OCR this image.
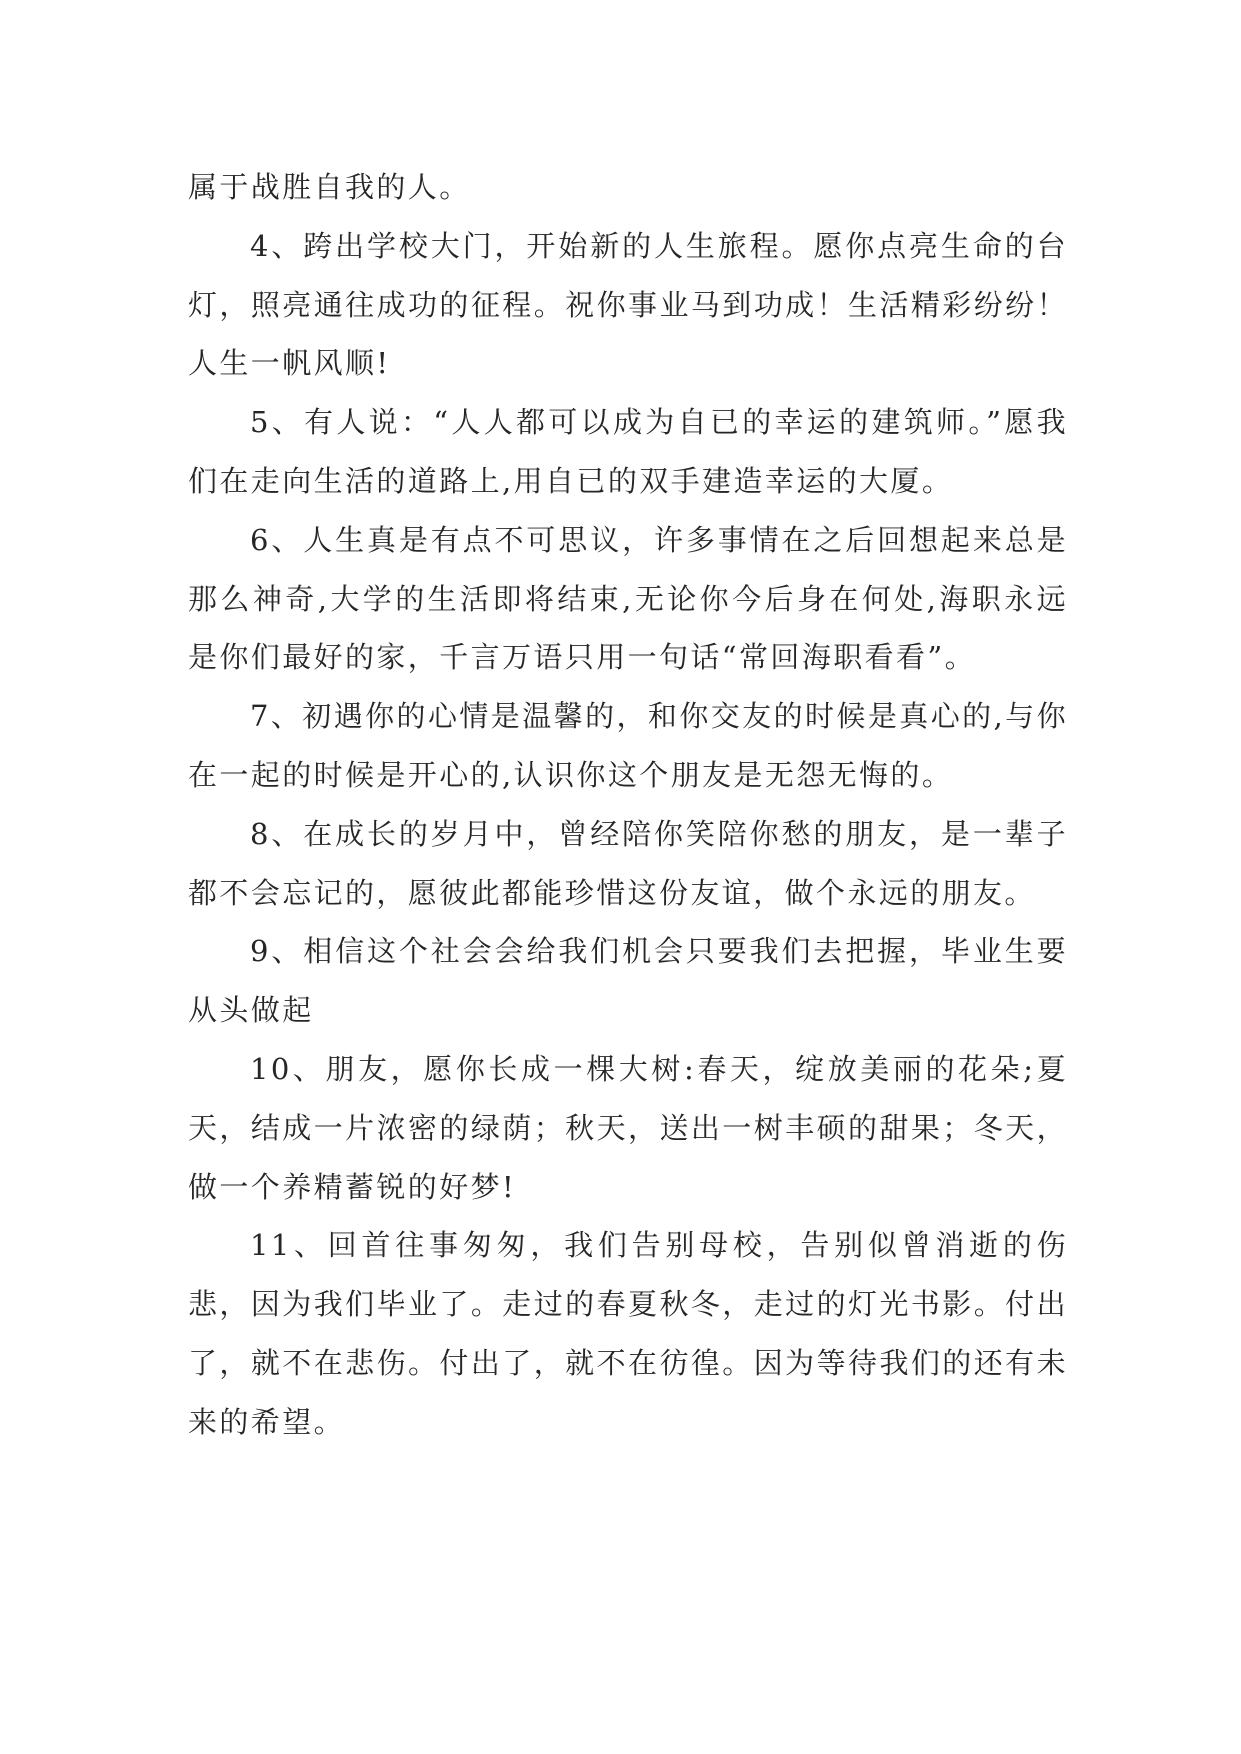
属于战胜自我的人。

4、跨出学校大门，开始新的人生旅程。愿你点亮生命的台灯，照亮通往成功的征程。祝你事业马到功成！生活精彩纷纷！人生一帆风顺!

5、有人说：“人人都可以成为自已的幸运的建筑师。”愿我们在走向生活的道路上,用自已的双手建造幸运的大厦。

6、人生真是有点不可思议，许多事情在之后回想起来总是那么神奇,大学的生活即将结束,无论你今后身在何处,海职永远是你们最好的家，千言万语只用一句话“常回海职看看”。

7、初遇你的心情是温馨的，和你交友的时候是真心的,与你在一起的时候是开心的,认识你这个朋友是无怨无悔的。

8、在成长的岁月中，曾经陪你笑陪你愁的朋友，是一辈子都不会忘记的，愿彼此都能珍惜这份友谊，做个永远的朋友。

9、相信这个社会会给我们机会只要我们去把握，毕业生要从头做起

10、朋友，愿你长成一棵大树:春天，绽放美丽的花朵;夏天，结成一片浓密的绿荫；秋天，送出一树丰硕的甜果；冬天，做一个养精蓄锐的好梦!

11、回首往事匆匆，我们告别母校，告别似曾消逝的伤悲，因为我们毕业了。走过的春夏秋冬，走过的灯光书影。付出了，就不在悲伤。付出了，就不在彷徨。因为等待我们的还有未来的希望。
